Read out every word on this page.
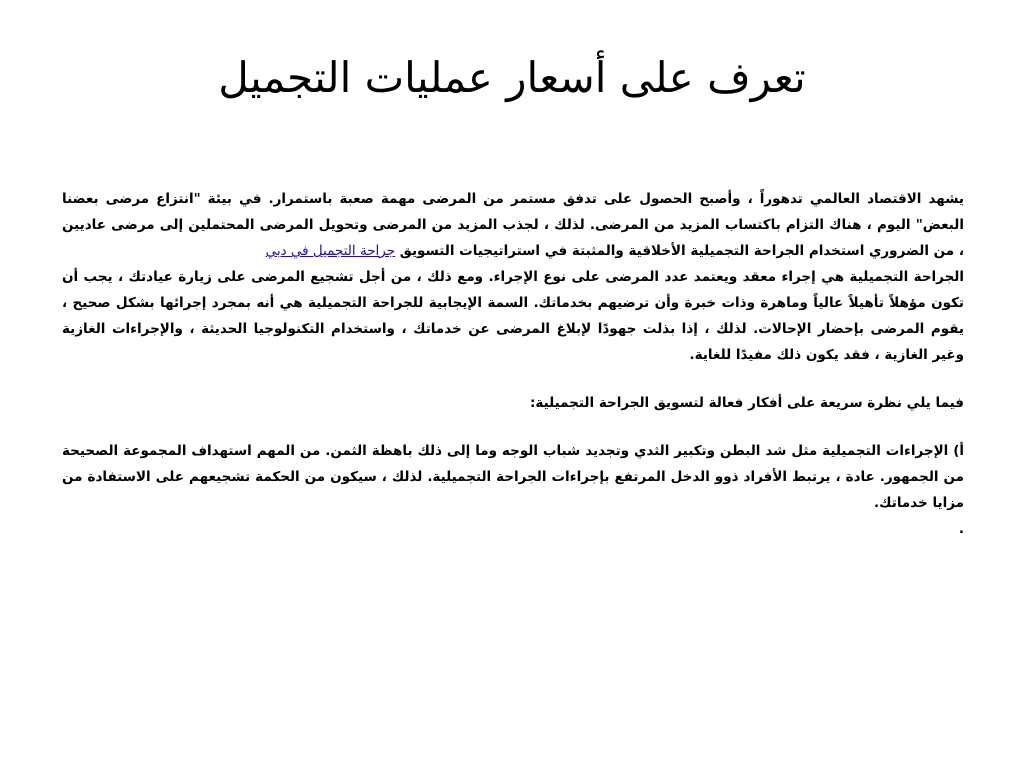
تعرف على أسعار عمليات التجميل

يشهد الاقتصاد العالمي تدهوراً ، وأصبح الحصول على تدفق مستمر من المرضى مهمة صعبة باستمرار. في بيئة "انتزاع مرضى بعضنا البعض" اليوم ، هناك التزام باكتساب المزيد من المرضى. لذلك ، لجذب المزيد من المرضى وتحويل المرضى المحتملين إلى مرضى عاديين ، من الضروري استخدام الجراحة التجميلية الأخلاقية والمثبتة في استراتيجيات التسويق جراحة التجميل في دبي

الجراحة التجميلية هي إجراء معقد ويعتمد عدد المرضى على نوع الإجراء. ومع ذلك ، من أجل تشجيع المرضى على زيارة عيادتك ، يجب أن تكون مؤهلاً تأهيلاً عالياً وماهرة وذات خبرة وأن ترضيهم بخدماتك. السمة الإيجابية للجراحة التجميلية هي أنه بمجرد إجرائها بشكل صحيح ، يقوم المرضى بإحضار الإحالات. لذلك ، إذا بذلت جهودًا لإبلاغ المرضى عن خدماتك ، واستخدام التكنولوجيا الحديثة ، والإجراءات الغازية وغير الغازية ، فقد يكون ذلك مفيدًا للغاية.

فيما يلي نظرة سريعة على أفكار فعالة لتسويق الجراحة التجميلية:

أ) الإجراءات التجميلية مثل شد البطن وتكبير الثدي وتجديد شباب الوجه وما إلى ذلك باهظة الثمن. من المهم استهداف المجموعة الصحيحة من الجمهور. عادة ، يرتبط الأفراد ذوو الدخل المرتفع بإجراءات الجراحة التجميلية. لذلك ، سيكون من الحكمة تشجيعهم على الاستفادة من مزايا خدماتك.

.
